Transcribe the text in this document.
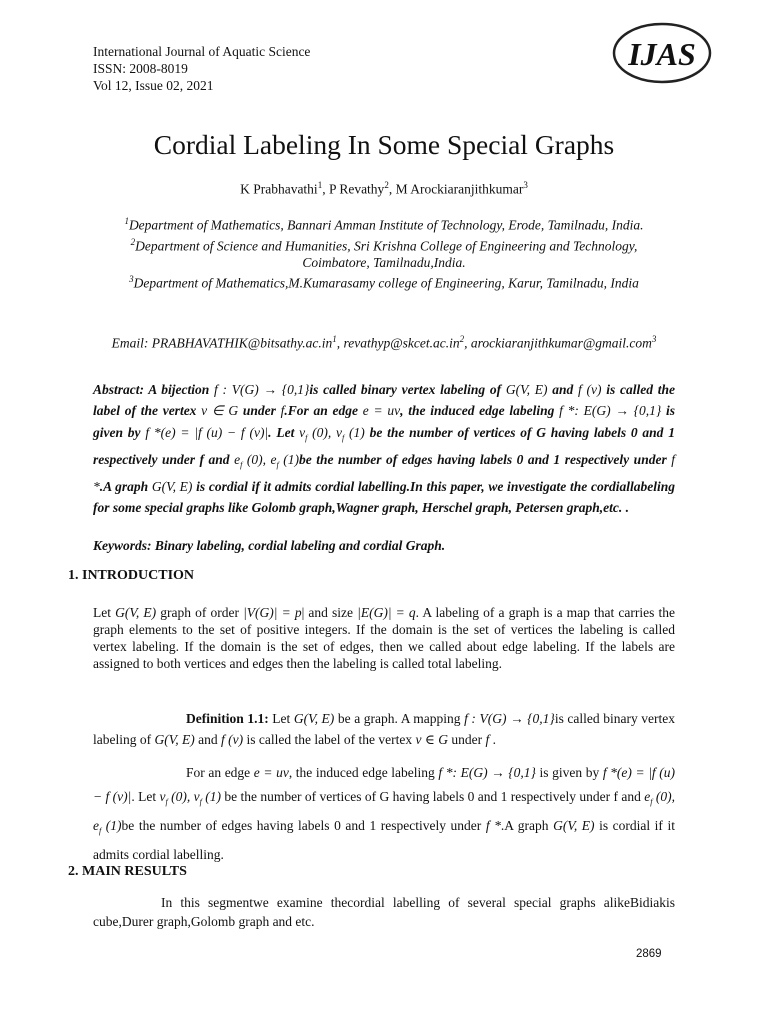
International Journal of Aquatic Science
ISSN: 2008-8019
Vol 12, Issue 02, 2021
IJAS
Cordial Labeling In Some Special Graphs
K Prabhavathi$^1$, P Revathy$^2$, M Arockiaranjithkumar$^3$
$^1$Department of Mathematics, Bannari Amman Institute of Technology, Erode, Tamilnadu, India.
$^2$Department of Science and Humanities, Sri Krishna College of Engineering and Technology, Coimbatore, Tamilnadu,India.
$^3$Department of Mathematics,M.Kumarasamy college of Engineering, Karur, Tamilnadu, India
Email: $PRABHAVATHIK@bitsathy.ac.in^1$, $revathyp@skcet.ac.in^2$, arockiaranjithkumar@gmail.com$^3$
Abstract: A bijection f : V(G) → {0,1}is called binary vertex labeling of G(V, E) and f (v) is called the label of the vertex v ∈ G under f.For an edge e = uv, the induced edge labeling f *: E(G) → {0,1} is given by f *(e) = |f (u) − f (v)|. Let $v_f$ (0), $v_f$ (1) be the number of vertices of G having labels 0 and 1 respectively under f and $e_f$ (0), $e_f$ (1)be the number of edges having labels 0 and 1 respectively under f *.A graph G(V, E) is cordial if it admits cordial labelling.In this paper, we investigate the cordiallabeling for some special graphs like Golomb graph,Wagner graph, Herschel graph, Petersen graph,etc. .
Keywords: Binary labeling, cordial labeling and cordial Graph.
1. INTRODUCTION
Let G(V, E) graph of order |V(G)| = p| and size |E(G)| = q. A labeling of a graph is a map that carries the graph elements to the set of positive integers. If the domain is the set of vertices the labeling is called vertex labeling. If the domain is the set of edges, then we called about edge labeling. If the labels are assigned to both vertices and edges then the labeling is called total labeling.
Definition 1.1: Let G(V, E) be a graph. A mapping f : V(G) → {0,1}is called binary vertex labeling of G(V, E) and f (v) is called the label of the vertex v ∈ G under f .
For an edge e = uv, the induced edge labeling f *: E(G) → {0,1} is given by f *(e) = |f (u) − f (v)|. Let $v_f$ (0), $v_f$ (1) be the number of vertices of G having labels 0 and 1 respectively under f and $e_f$ (0), $e_f$ (1)be the number of edges having labels 0 and 1 respectively under f *.A graph G(V, E) is cordial if it admits cordial labelling.
2. MAIN RESULTS
In this segmentwe examine thecordial labelling of several special graphs alikeBidiakis cube,Durer graph,Golomb graph and etc.
2869
